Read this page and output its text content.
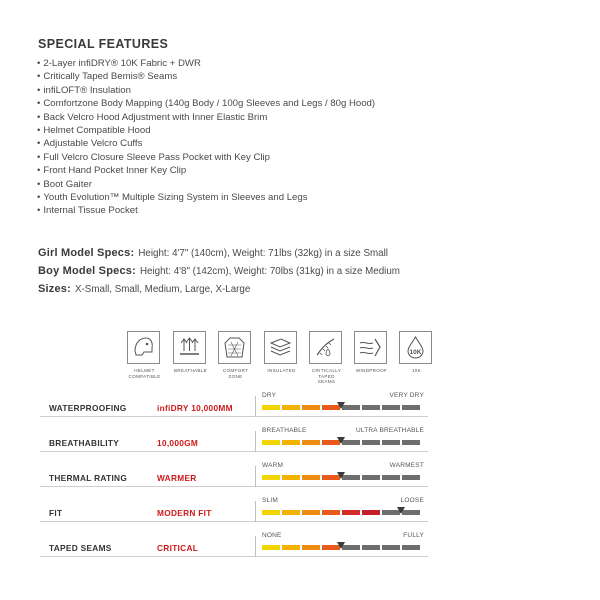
SPECIAL FEATURES
• 2-Layer infiDRY® 10K Fabric + DWR
• Critically Taped Bemis® Seams
• infiLOFT® Insulation
• Comfortzone Body Mapping (140g Body / 100g Sleeves and Legs / 80g Hood)
• Back Velcro Hood Adjustment with Inner Elastic Brim
• Helmet Compatible Hood
• Adjustable Velcro Cuffs
• Full Velcro Closure Sleeve Pass Pocket with Key Clip
• Front Hand Pocket Inner Key Clip
• Boot Gaiter
• Youth Evolution™ Multiple Sizing System in Sleeves and Legs
• Internal Tissue Pocket
Girl Model Specs: Height: 4'7" (140cm), Weight: 71lbs (32kg) in a size Small
Boy Model Specs: Height: 4'8" (142cm), Weight: 70lbs (31kg) in a size Medium
Sizes: X-Small, Small, Medium, Large, X-Large
HELMET COMPATIBLE
BREATHABLE	COMFORT ZONE
INSULATED	CRITICALLY TAPED SEAMS
WINDPROOF
10K
10K
WATERPROOFING	infiDRY 10,000MM
DRY	VERY DRY
BREATHABILITY	10,000GM
BREATHABLE	ULTRA BREATHABLE
THERMAL RATING	WARMER
WARM	WARMEST
FIT	MODERN FIT
SLIM	LOOSE
TAPED SEAMS	CRITICAL
NONE	FULLY
